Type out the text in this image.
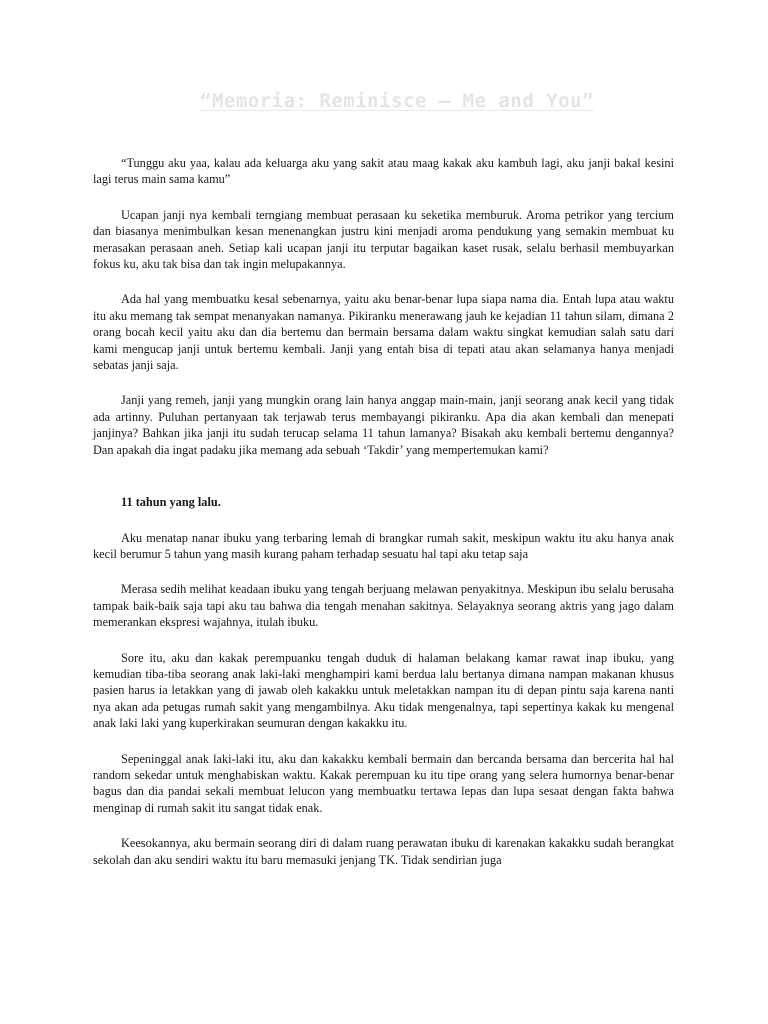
“Memoria: Reminisce – Me and You”

“Tunggu aku yaa, kalau ada keluarga aku yang sakit atau maag kakak aku kambuh lagi, aku janji bakal kesini lagi terus main sama kamu”

Ucapan janji nya kembali terngiang membuat perasaan ku seketika memburuk. Aroma petrikor yang tercium dan biasanya menimbulkan kesan menenangkan justru kini menjadi aroma pendukung yang semakin membuat ku merasakan perasaan aneh. Setiap kali ucapan janji itu terputar bagaikan kaset rusak, selalu berhasil membuyarkan fokus ku, aku tak bisa dan tak ingin melupakannya.

Ada hal yang membuatku kesal sebenarnya, yaitu aku benar-benar lupa siapa nama dia. Entah lupa atau waktu itu aku memang tak sempat menanyakan namanya. Pikiranku menerawang jauh ke kejadian 11 tahun silam, dimana 2 orang bocah kecil yaitu aku dan dia bertemu dan bermain bersama dalam waktu singkat kemudian salah satu dari kami mengucap janji untuk bertemu kembali. Janji yang entah bisa di tepati atau akan selamanya hanya menjadi sebatas janji saja.

Janji yang remeh, janji yang mungkin orang lain hanya anggap main-main, janji seorang anak kecil yang tidak ada artinny. Puluhan pertanyaan tak terjawab terus membayangi pikiranku. Apa dia akan kembali dan menepati janjinya? Bahkan jika janji itu sudah terucap selama 11 tahun lamanya? Bisakah aku kembali bertemu dengannya? Dan apakah dia ingat padaku jika memang ada sebuah ‘Takdir’ yang mempertemukan kami?

11 tahun yang lalu.

Aku menatap nanar ibuku yang terbaring lemah di brangkar rumah sakit, meskipun waktu itu aku hanya anak kecil berumur 5 tahun yang masih kurang paham terhadap sesuatu hal tapi aku tetap saja

Merasa sedih melihat keadaan ibuku yang tengah berjuang melawan penyakitnya. Meskipun ibu selalu berusaha tampak baik-baik saja tapi aku tau bahwa dia tengah menahan sakitnya. Selayaknya seorang aktris yang jago dalam memerankan ekspresi wajahnya, itulah ibuku.

Sore itu, aku dan kakak perempuanku tengah duduk di halaman belakang kamar rawat inap ibuku, yang kemudian tiba-tiba seorang anak laki-laki menghampiri kami berdua lalu bertanya dimana nampan makanan khusus pasien harus ia letakkan yang di jawab oleh kakakku untuk meletakkan nampan itu di depan pintu saja karena nanti nya akan ada petugas rumah sakit yang mengambilnya. Aku tidak mengenalnya, tapi sepertinya kakak ku mengenal anak laki laki yang kuperkirakan seumuran dengan kakakku itu.

Sepeninggal anak laki-laki itu, aku dan kakakku kembali bermain dan bercanda bersama dan bercerita hal hal random sekedar untuk menghabiskan waktu. Kakak perempuan ku itu tipe orang yang selera humornya benar-benar bagus dan dia pandai sekali membuat lelucon yang membuatku tertawa lepas dan lupa sesaat dengan fakta bahwa menginap di rumah sakit itu sangat tidak enak.

Keesokannya, aku bermain seorang diri di dalam ruang perawatan ibuku di karenakan kakakku sudah berangkat sekolah dan aku sendiri waktu itu baru memasuki jenjang TK. Tidak sendirian juga
